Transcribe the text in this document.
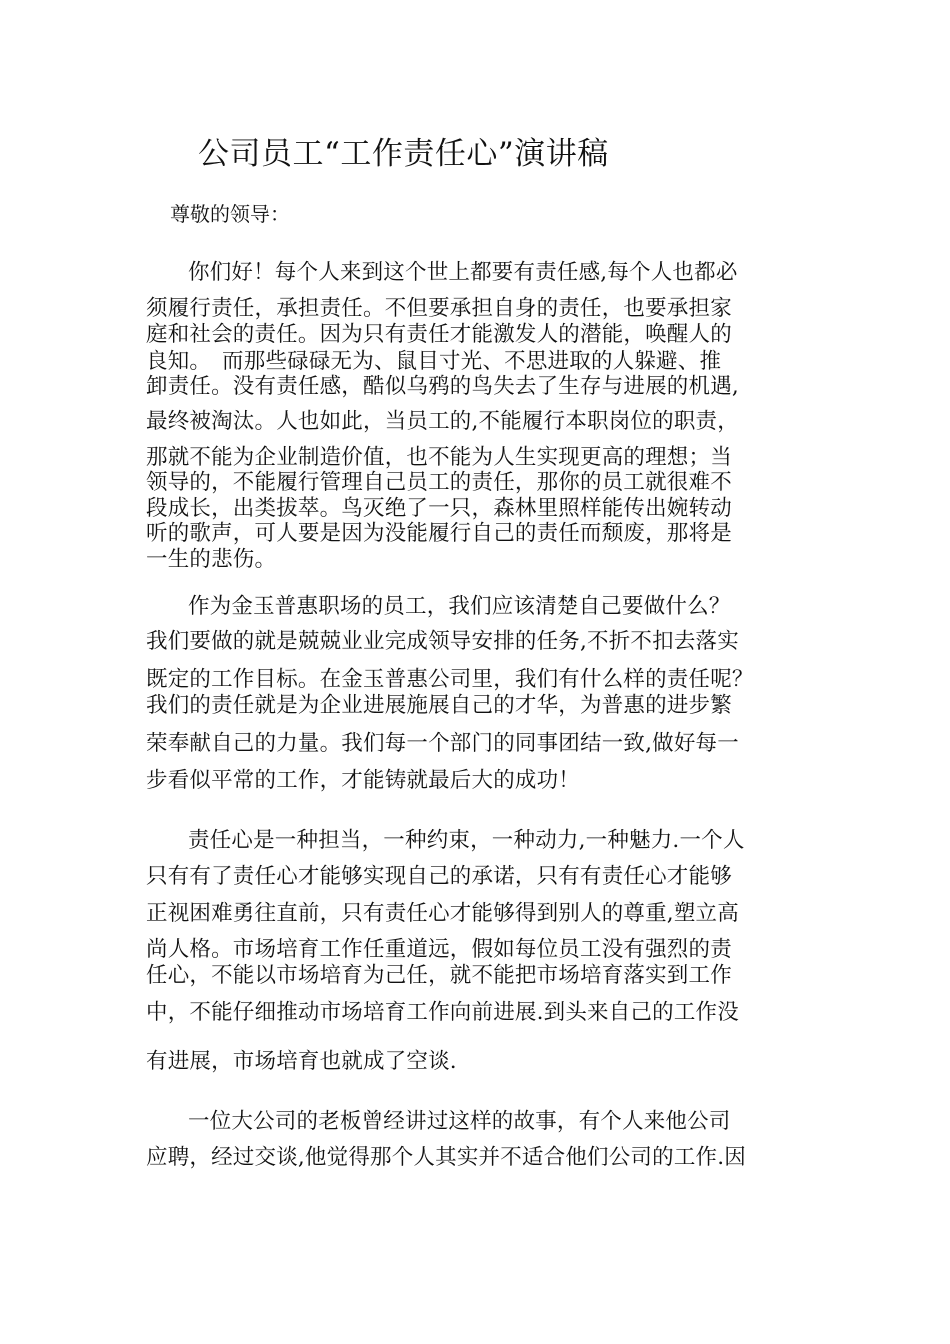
公司员工“工作责任心”演讲稿
尊敬的领导：
你们好！每个人来到这个世上都要有责任感,每个人也都必
须履行责任，承担责任。不但要承担自身的责任，也要承担家
庭和社会的责任。因为只有责任才能激发人的潜能，唤醒人的
良知。　而那些碌碌无为、鼠目寸光、不思进取的人躲避、推
卸责任。没有责任感，酷似乌鸦的鸟失去了生存与进展的机遇,
最终被淘汰。人也如此，当员工的,不能履行本职岗位的职责，
那就不能为企业制造价值，也不能为人生实现更高的理想；当
领导的，不能履行管理自己员工的责任，那你的员工就很难不
段成长，出类拔萃。鸟灭绝了一只，森林里照样能传出婉转动
听的歌声，可人要是因为没能履行自己的责任而颓废，那将是
一生的悲伤。
作为金玉普惠职场的员工，我们应该清楚自己要做什么？
我们要做的就是兢兢业业完成领导安排的任务,不折不扣去落实
既定的工作目标。在金玉普惠公司里，我们有什么样的责任呢？
我们的责任就是为企业进展施展自己的才华，为普惠的进步繁
荣奉献自己的力量。我们每一个部门的同事团结一致,做好每一
步看似平常的工作，才能铸就最后大的成功！
责任心是一种担当，一种约束，一种动力,一种魅力.一个人
只有有了责任心才能够实现自己的承诺，只有有责任心才能够
正视困难勇往直前，只有责任心才能够得到别人的尊重,塑立高
尚人格。市场培育工作任重道远，假如每位员工没有强烈的责
任心，不能以市场培育为己任，就不能把市场培育落实到工作
中，不能仔细推动市场培育工作向前进展.到头来自己的工作没
有进展，市场培育也就成了空谈.
一位大公司的老板曾经讲过这样的故事，有个人来他公司
应聘，经过交谈,他觉得那个人其实并不适合他们公司的工作.因
